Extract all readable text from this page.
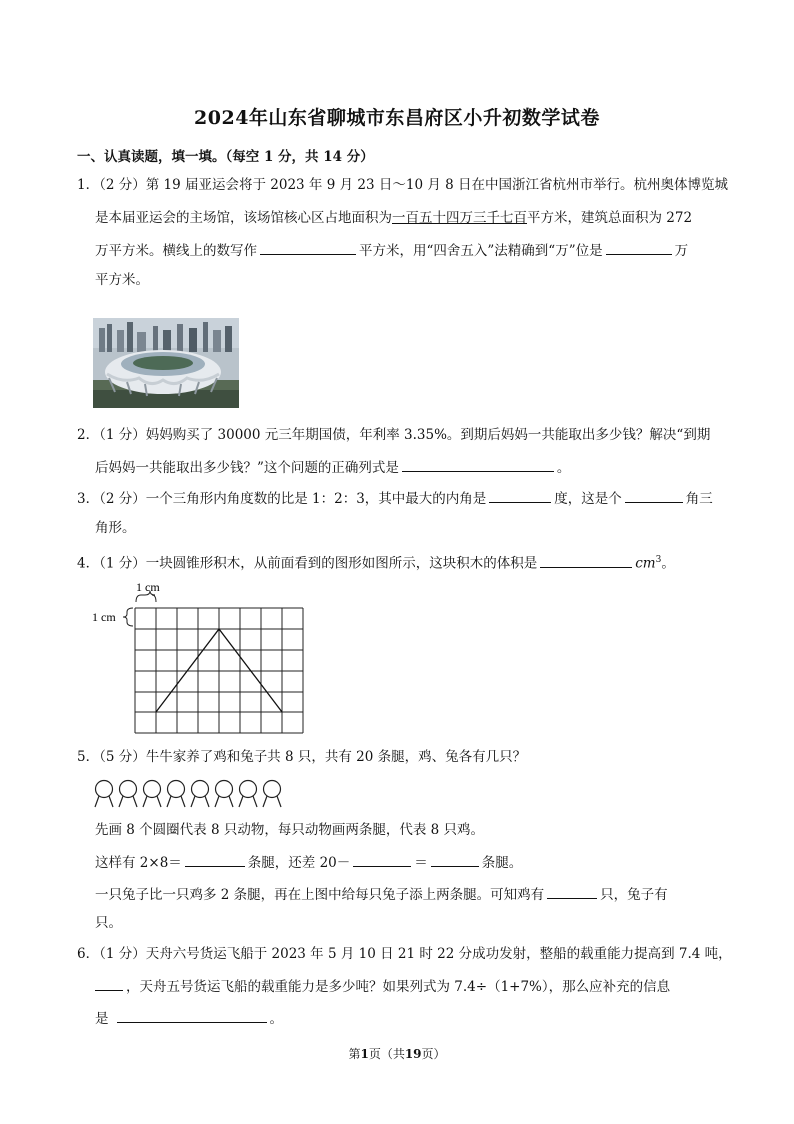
2024年山东省聊城市东昌府区小升初数学试卷
一、认真读题，填一填。（每空 1 分，共 14 分）
1．（2 分）第 19 届亚运会将于 2023 年 9 月 23 日～10 月 8 日在中国浙江省杭州市举行。杭州奥体博览城
是本届亚运会的主场馆，该场馆核心区占地面积为一百五十四万三千七百平方米，建筑总面积为 272
万平方米。横线上的数写作	平方米，用“四舍五入”法精确到“万”位是	万
平方米。
2．（1 分）妈妈购买了 30000 元三年期国债，年利率 3.35%。到期后妈妈一共能取出多少钱？解决“到期
后妈妈一共能取出多少钱？”这个问题的正确列式是	。
3．（2 分）一个三角形内角度数的比是 1：2：3，其中最大的内角是	度，这是个	角三
角形。
4．（1 分）一块圆锥形积木，从前面看到的图形如图所示，这块积木的体积是	$cm^3$。
1 cm
1 cm
5．（5 分）牛牛家养了鸡和兔子共 8 只，共有 20 条腿，鸡、兔各有几只？
先画 8 个圆圈代表 8 只动物，每只动物画两条腿，代表 8 只鸡。
这样有 2×8＝	条腿，还差 20－	＝	条腿。
一只兔子比一只鸡多 2 条腿，再在上图中给每只兔子添上两条腿。可知鸡有	只，兔子有
只。
6．（1 分）天舟六号货运飞船于 2023 年 5 月 10 日 21 时 22 分成功发射，整船的载重能力提高到 7.4 吨，
，天舟五号货运飞船的载重能力是多少吨？如果列式为 7.4÷（1+7%），那么应补充的信息
是	。
第1页（共19页）
